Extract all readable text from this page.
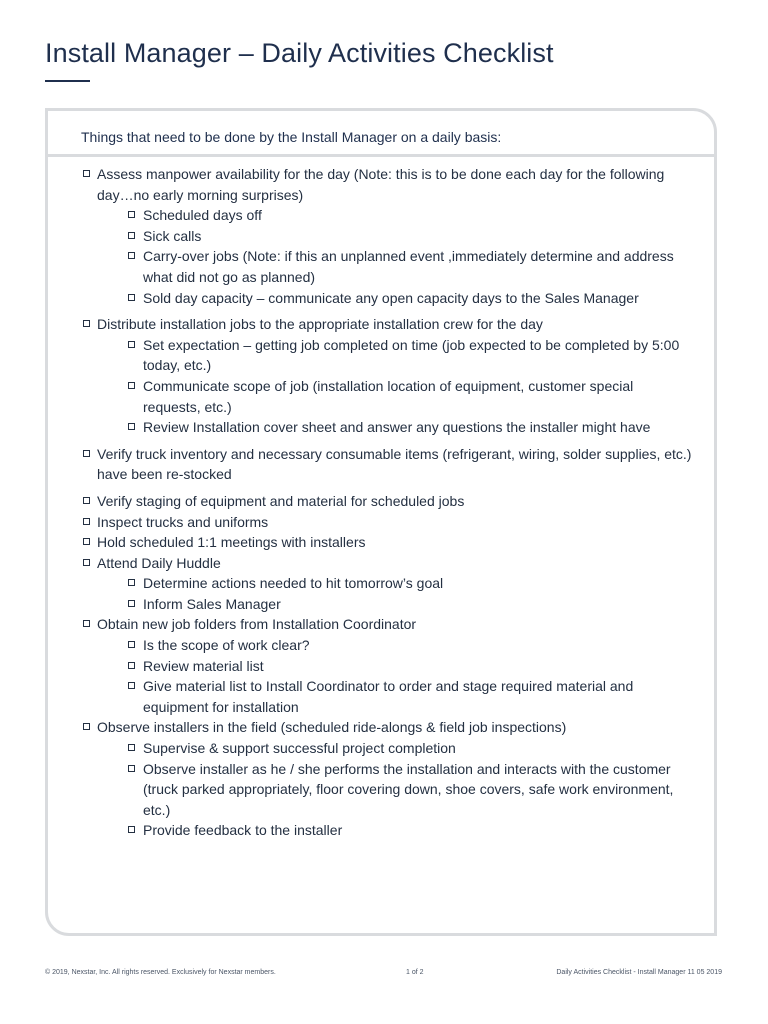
Install Manager – Daily Activities Checklist
Things that need to be done by the Install Manager on a daily basis:
Assess manpower availability for the day (Note: this is to be done each day for the following day…no early morning surprises)
Scheduled days off
Sick calls
Carry-over jobs (Note: if this an unplanned event ,immediately determine and address what did not go as planned)
Sold day capacity – communicate any open capacity days to the Sales Manager
Distribute installation jobs to the appropriate installation crew for the day
Set expectation – getting job completed on time (job expected to be completed by 5:00 today, etc.)
Communicate scope of job (installation location of equipment, customer special requests, etc.)
Review Installation cover sheet and answer any questions the installer might have
Verify truck inventory and necessary consumable items (refrigerant, wiring, solder supplies, etc.) have been re-stocked
Verify staging of equipment and material for scheduled jobs
Inspect trucks and uniforms
Hold scheduled 1:1 meetings with installers
Attend Daily Huddle
Determine actions needed to hit tomorrow’s goal
Inform Sales Manager
Obtain new job folders from Installation Coordinator
Is the scope of work clear?
Review material list
Give material list to Install Coordinator to order and stage required material and equipment for installation
Observe installers in the field (scheduled ride-alongs & field job inspections)
Supervise & support successful project completion
Observe installer as he / she performs the installation and interacts with the customer (truck parked appropriately, floor covering down, shoe covers, safe work environment, etc.)
Provide feedback to the installer
© 2019, Nexstar, Inc. All rights reserved. Exclusively for Nexstar members.	1 of 2	Daily Activities Checklist - Install Manager 11 05 2019
